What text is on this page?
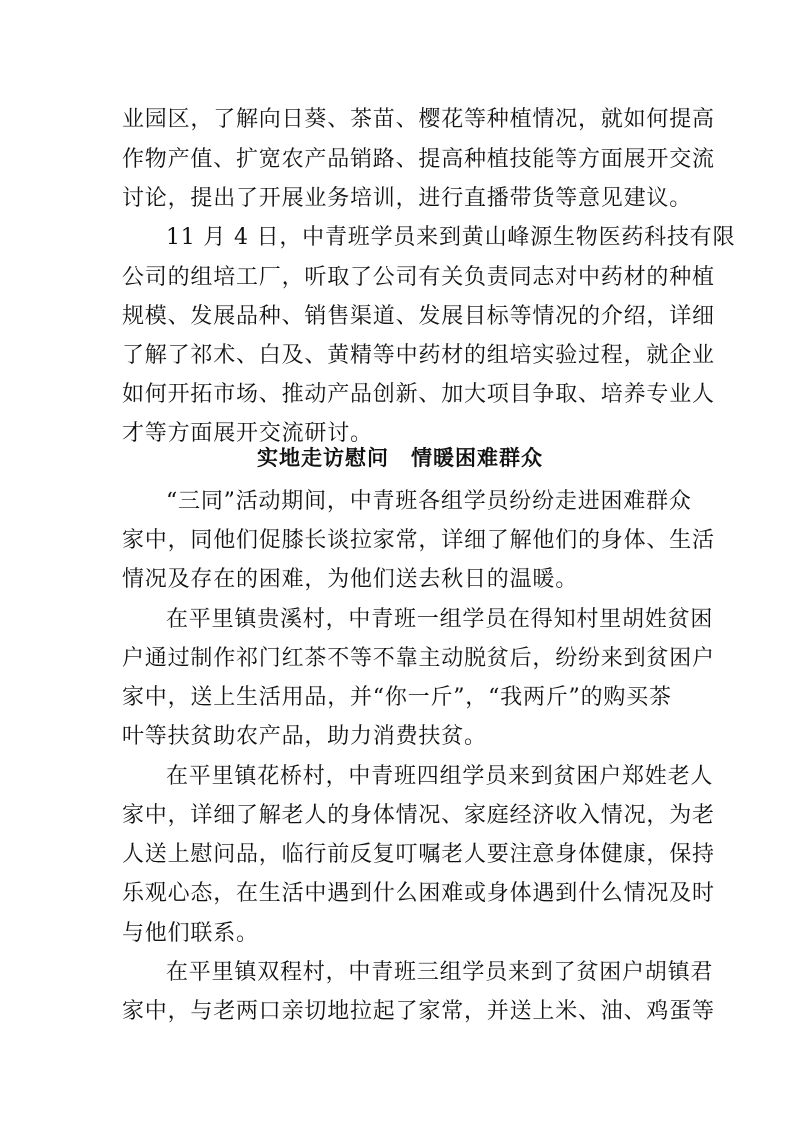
业园区，了解向日葵、茶苗、樱花等种植情况，就如何提高
作物产值、扩宽农产品销路、提高种植技能等方面展开交流
讨论，提出了开展业务培训，进行直播带货等意见建议。
11 月 4 日，中青班学员来到黄山峰源生物医药科技有限
公司的组培工厂，听取了公司有关负责同志对中药材的种植
规模、发展品种、销售渠道、发展目标等情况的介绍，详细
了解了祁术、白及、黄精等中药材的组培实验过程，就企业
如何开拓市场、推动产品创新、加大项目争取、培养专业人
才等方面展开交流研讨。
实地走访慰问　情暖困难群众
“三同”活动期间，中青班各组学员纷纷走进困难群众
家中，同他们促膝长谈拉家常，详细了解他们的身体、生活
情况及存在的困难，为他们送去秋日的温暖。
在平里镇贵溪村，中青班一组学员在得知村里胡姓贫困
户通过制作祁门红茶不等不靠主动脱贫后，纷纷来到贫困户
家中，送上生活用品，并“你一斤”，“我两斤”的购买茶
叶等扶贫助农产品，助力消费扶贫。
在平里镇花桥村，中青班四组学员来到贫困户郑姓老人
家中，详细了解老人的身体情况、家庭经济收入情况，为老
人送上慰问品，临行前反复叮嘱老人要注意身体健康，保持
乐观心态，在生活中遇到什么困难或身体遇到什么情况及时
与他们联系。
在平里镇双程村，中青班三组学员来到了贫困户胡镇君
家中，与老两口亲切地拉起了家常，并送上米、油、鸡蛋等
